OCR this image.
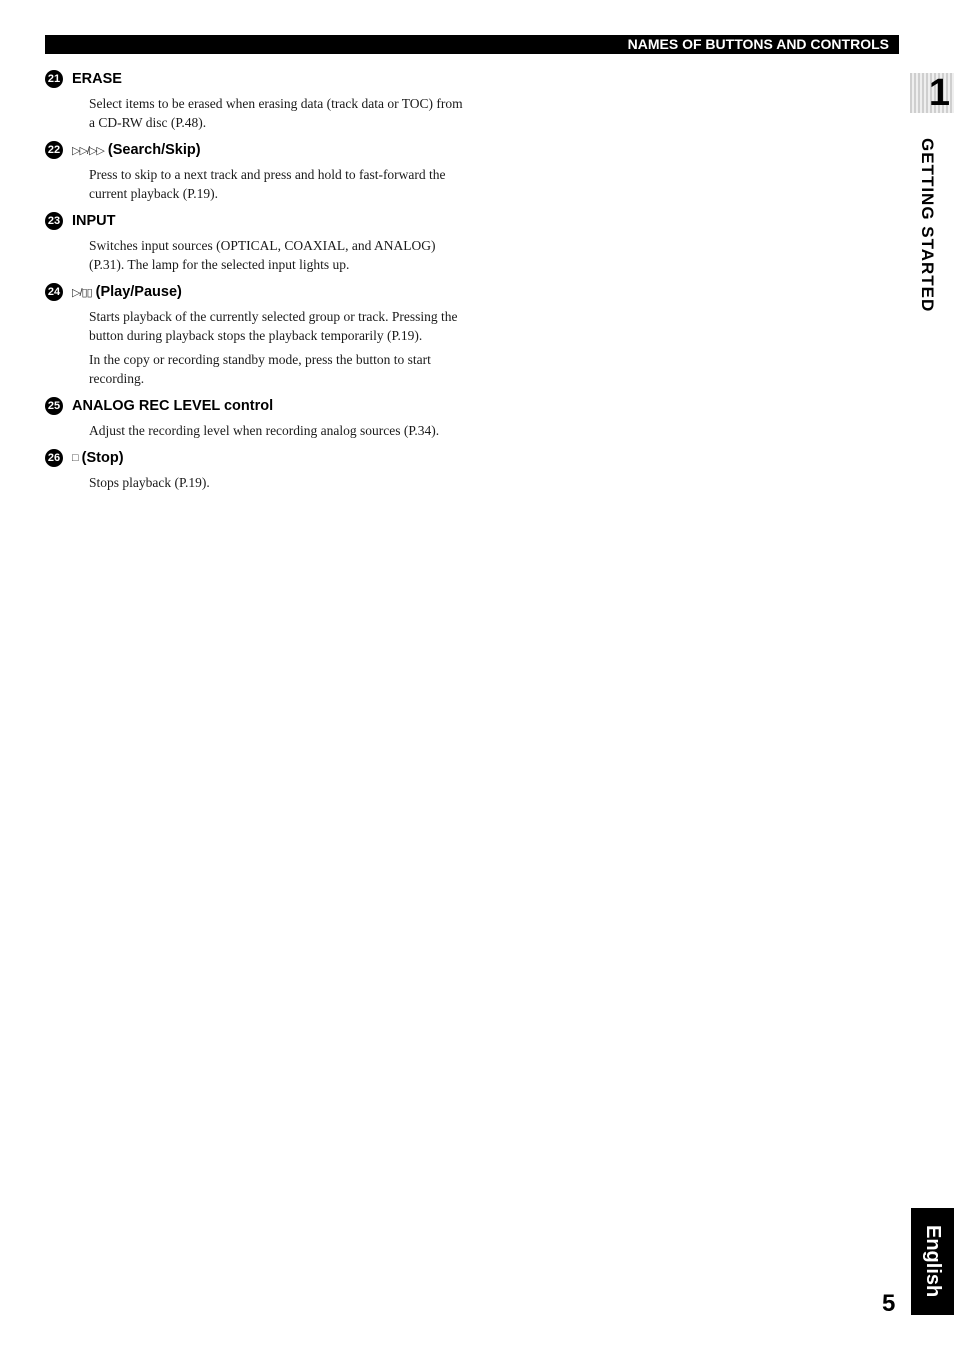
NAMES OF BUTTONS AND CONTROLS
1
GETTING STARTED
21 ERASE

Select items to be erased when erasing data (track data or TOC) from a CD-RW disc (P.48).

22 ▷▷/▷▷ (Search/Skip)

Press to skip to a next track and press and hold to fast-forward the current playback (P.19).

23 INPUT

Switches input sources (OPTICAL, COAXIAL, and ANALOG) (P.31). The lamp for the selected input lights up.

24 ▷/▯▯ (Play/Pause)

Starts playback of the currently selected group or track. Pressing the button during playback stops the playback temporarily (P.19).

In the copy or recording standby mode, press the button to start recording.

25 ANALOG REC LEVEL control

Adjust the recording level when recording analog sources (P.34).

26 □ (Stop)

Stops playback (P.19).

English
5
